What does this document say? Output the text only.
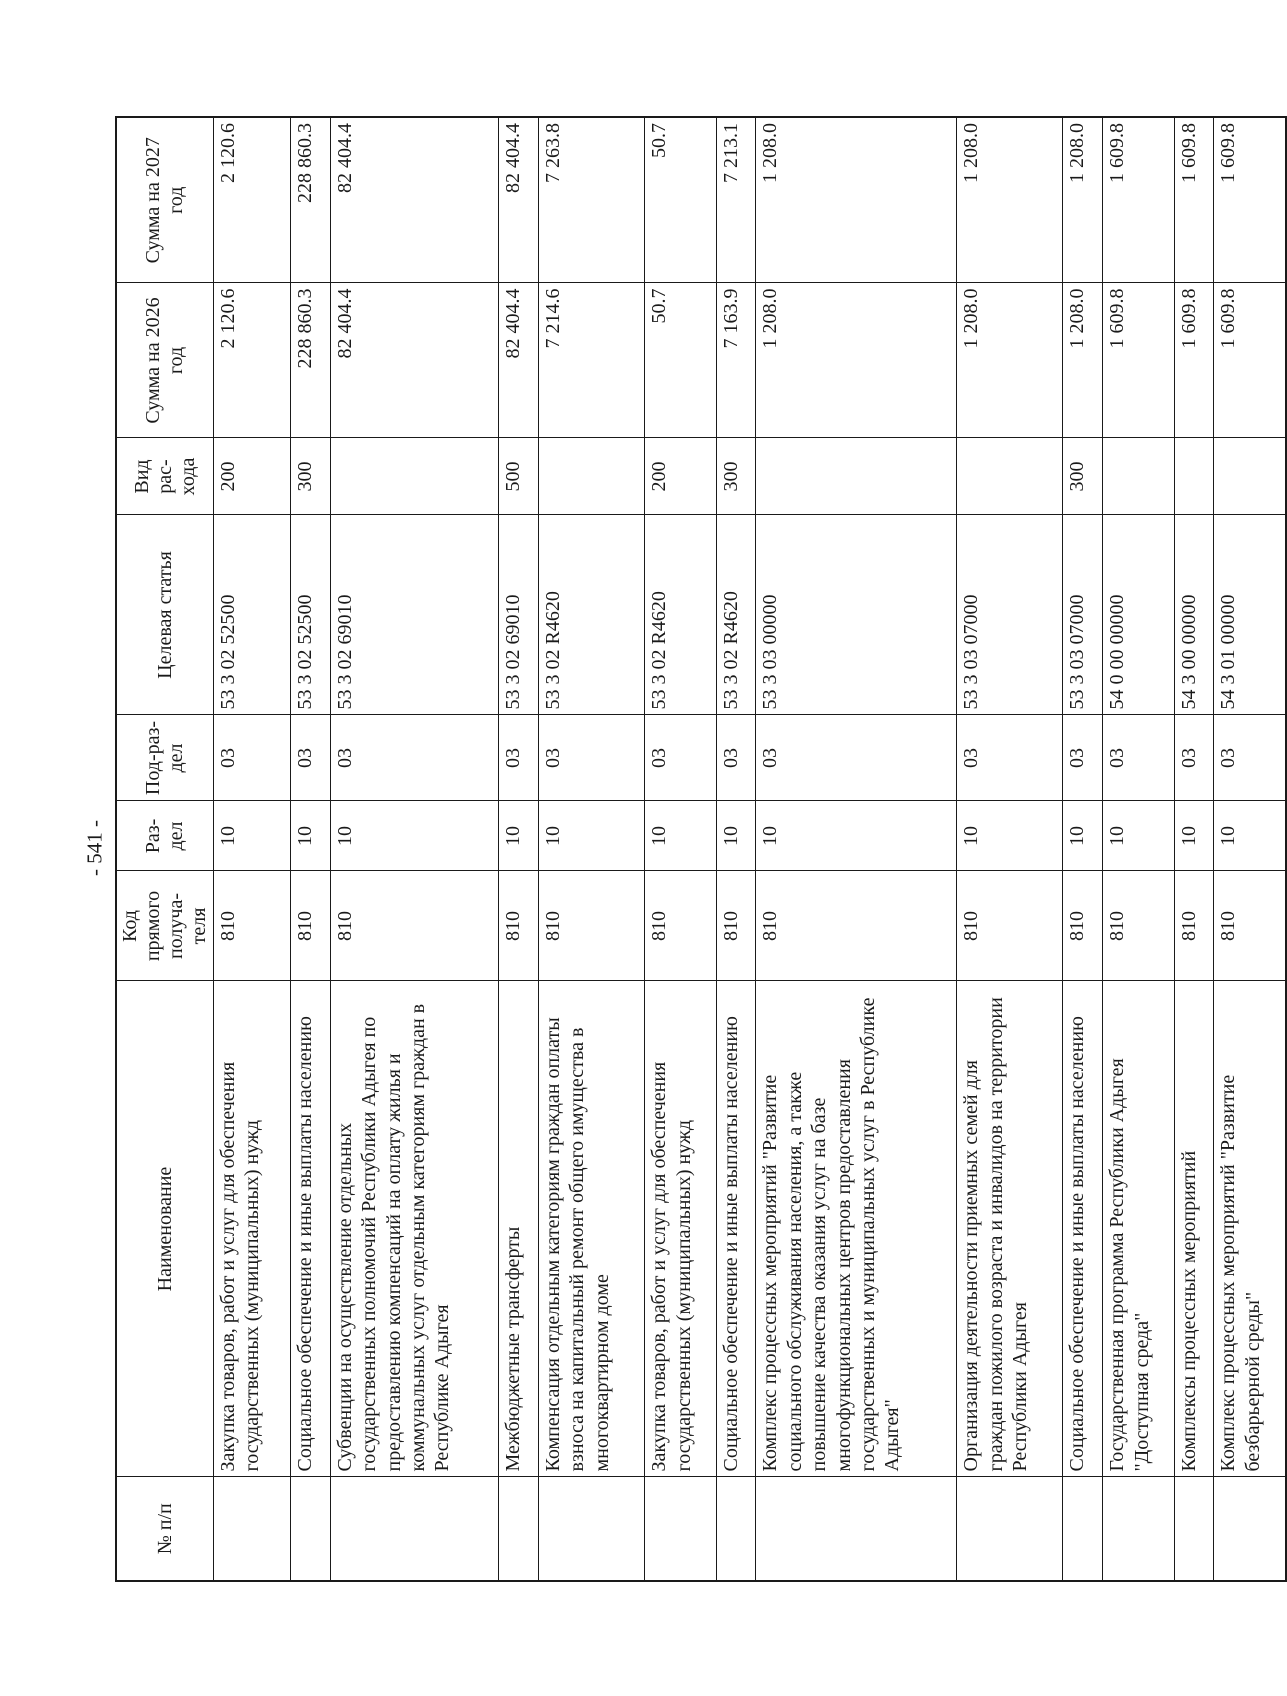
- 541 -
№ п/п	Наименование	Код прямого получа-теля	Раз-дел	Под-раз-дел	Целевая статья	Вид рас-хода	Сумма на 2026 год	Сумма на 2027 год
	Закупка товаров, работ и услуг для обеспечения государственных (муниципальных) нужд	810	10	03	53 3 02 52500	200	2 120.6	2 120.6
	Социальное обеспечение и иные выплаты населению	810	10	03	53 3 02 52500	300	228 860.3	228 860.3
	Субвенции на осуществление отдельных государственных полномочий Республики Адыгея по предоставлению компенсаций на оплату жилья и коммунальных услуг отдельным категориям граждан в Республике Адыгея	810	10	03	53 3 02 69010		82 404.4	82 404.4
	Межбюджетные трансферты	810	10	03	53 3 02 69010	500	82 404.4	82 404.4
	Компенсация отдельным категориям граждан оплаты взноса на капитальный ремонт общего имущества в многоквартирном доме	810	10	03	53 3 02 R4620		7 214.6	7 263.8
	Закупка товаров, работ и услуг для обеспечения государственных (муниципальных) нужд	810	10	03	53 3 02 R4620	200	50.7	50.7
	Социальное обеспечение и иные выплаты населению	810	10	03	53 3 02 R4620	300	7 163.9	7 213.1
	Комплекс процессных мероприятий "Развитие социального обслуживания населения, а также повышение качества оказания услуг на базе многофункциональных центров предоставления государственных и муниципальных услуг в Республике Адыгея"	810	10	03	53 3 03 00000		1 208.0	1 208.0
	Организация деятельности приемных семей для граждан пожилого возраста и инвалидов на территории Республики Адыгея	810	10	03	53 3 03 07000		1 208.0	1 208.0
	Социальное обеспечение и иные выплаты населению	810	10	03	53 3 03 07000	300	1 208.0	1 208.0
	Государственная программа Республики Адыгея "Доступная среда"	810	10	03	54 0 00 00000		1 609.8	1 609.8
	Комплексы процессных мероприятий	810	10	03	54 3 00 00000		1 609.8	1 609.8
	Комплекс процессных мероприятий "Развитие безбарьерной среды"	810	10	03	54 3 01 00000		1 609.8	1 609.8
